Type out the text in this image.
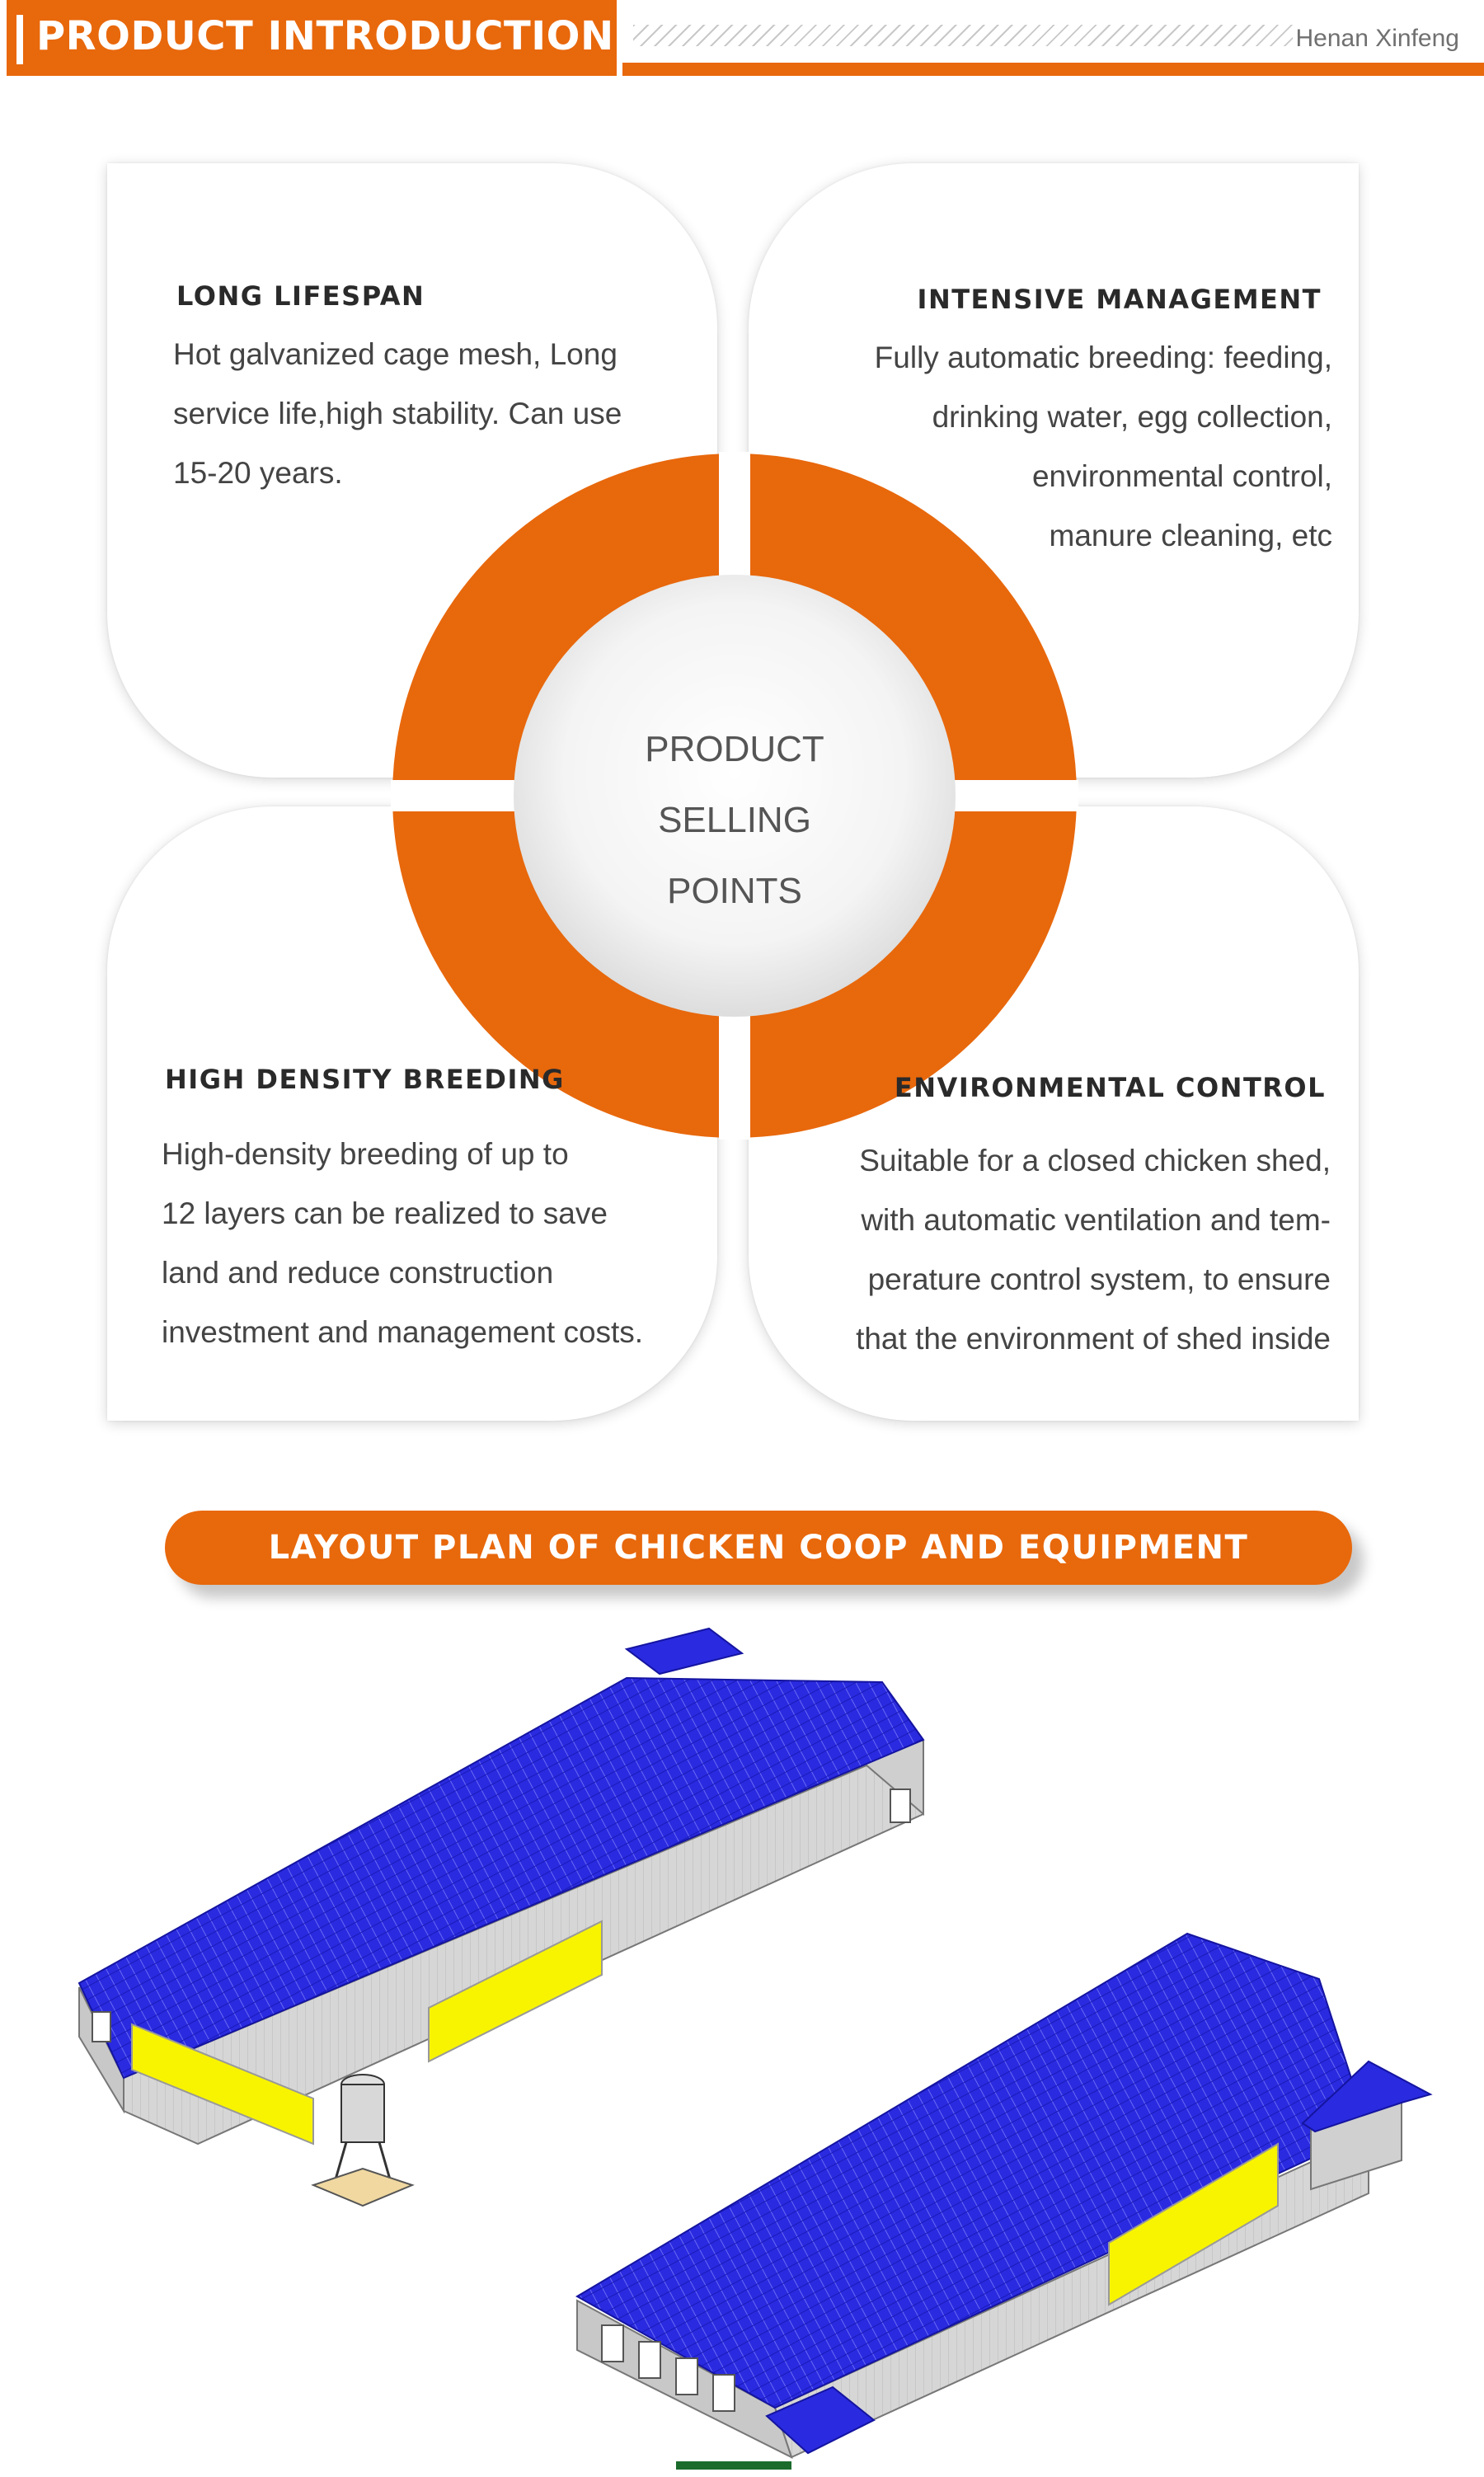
PRODUCT INTRODUCTION	Henan Xinfeng
PRODUCT
SELLING
POINTS
LONG LIFESPAN
Hot galvanized cage mesh, Long
service life,high stability. Can use
15-20 years.
INTENSIVE MANAGEMENT
Fully automatic breeding: feeding,
drinking water, egg collection,
environmental control,
manure cleaning, etc
HIGH DENSITY BREEDING
High-density breeding of up to
12 layers can be realized to save
land and reduce construction
investment and management costs.
ENVIRONMENTAL CONTROL
Suitable for a closed chicken shed,
with automatic ventilation and tem-
perature control system, to ensure
that the environment of shed inside
LAYOUT PLAN OF CHICKEN COOP AND EQUIPMENT
